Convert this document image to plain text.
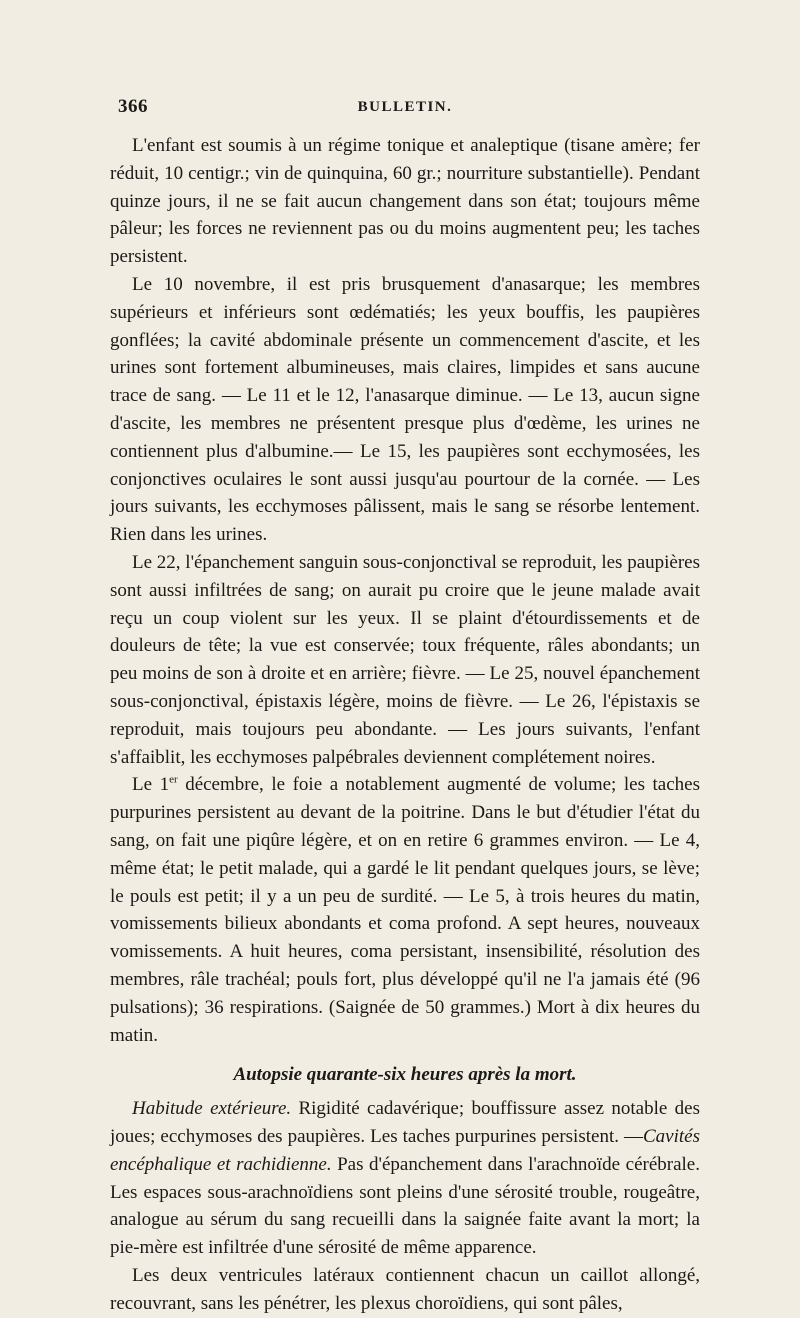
366	BULLETIN.

L'enfant est soumis à un régime tonique et analeptique (tisane amère; fer réduit, 10 centigr.; vin de quinquina, 60 gr.; nourriture substantielle). Pendant quinze jours, il ne se fait aucun changement dans son état; toujours même pâleur; les forces ne reviennent pas ou du moins augmentent peu; les taches persistent.

Le 10 novembre, il est pris brusquement d'anasarque; les membres supérieurs et inférieurs sont œdématiés; les yeux bouffis, les paupières gonflées; la cavité abdominale présente un commencement d'ascite, et les urines sont fortement albumineuses, mais claires, limpides et sans aucune trace de sang. — Le 11 et le 12, l'anasarque diminue. — Le 13, aucun signe d'ascite, les membres ne présentent presque plus d'œdème, les urines ne contiennent plus d'albumine.— Le 15, les paupières sont ecchymosées, les conjonctives oculaires le sont aussi jusqu'au pourtour de la cornée. — Les jours suivants, les ecchymoses pâlissent, mais le sang se résorbe lentement. Rien dans les urines.

Le 22, l'épanchement sanguin sous-conjonctival se reproduit, les paupières sont aussi infiltrées de sang; on aurait pu croire que le jeune malade avait reçu un coup violent sur les yeux. Il se plaint d'étourdissements et de douleurs de tête; la vue est conservée; toux fréquente, râles abondants; un peu moins de son à droite et en arrière; fièvre. — Le 25, nouvel épanchement sous-conjonctival, épistaxis légère, moins de fièvre. — Le 26, l'épistaxis se reproduit, mais toujours peu abondante. — Les jours suivants, l'enfant s'affaiblit, les ecchymoses palpébrales deviennent complétement noires.

Le 1er décembre, le foie a notablement augmenté de volume; les taches purpurines persistent au devant de la poitrine. Dans le but d'étudier l'état du sang, on fait une piqûre légère, et on en retire 6 grammes environ. — Le 4, même état; le petit malade, qui a gardé le lit pendant quelques jours, se lève; le pouls est petit; il y a un peu de surdité. — Le 5, à trois heures du matin, vomissements bilieux abondants et coma profond. A sept heures, nouveaux vomissements. A huit heures, coma persistant, insensibilité, résolution des membres, râle trachéal; pouls fort, plus développé qu'il ne l'a jamais été (96 pulsations); 36 respirations. (Saignée de 50 grammes.) Mort à dix heures du matin.

Autopsie quarante-six heures après la mort.

Habitude extérieure. Rigidité cadavérique; bouffissure assez notable des joues; ecchymoses des paupières. Les taches purpurines persistent. —Cavités encéphalique et rachidienne. Pas d'épanchement dans l'arachnoïde cérébrale. Les espaces sous-arachnoïdiens sont pleins d'une sérosité trouble, rougeâtre, analogue au sérum du sang recueilli dans la saignée faite avant la mort; la pie-mère est infiltrée d'une sérosité de même apparence.

Les deux ventricules latéraux contiennent chacun un caillot allongé, recouvrant, sans les pénétrer, les plexus choroïdiens, qui sont pâles,
